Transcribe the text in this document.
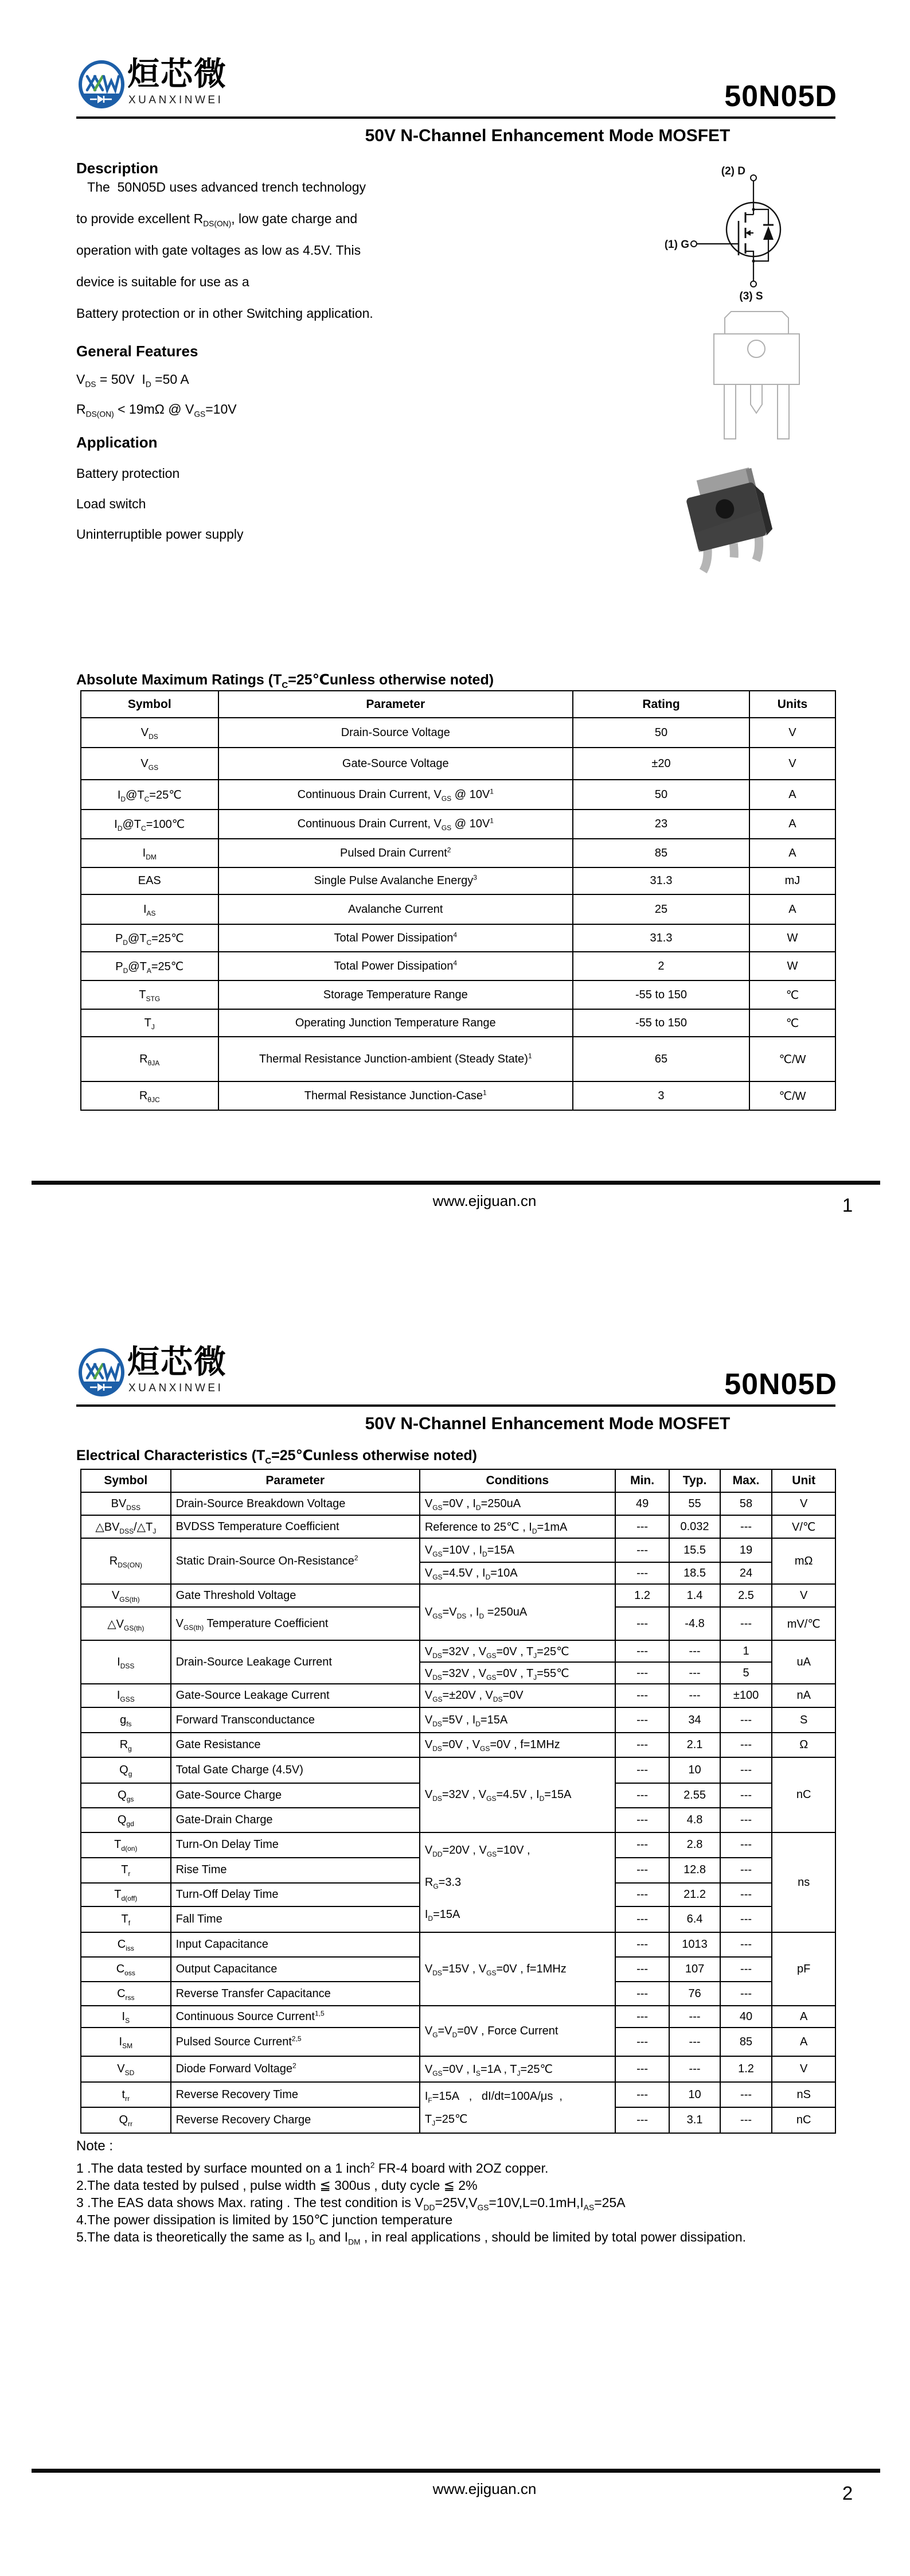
烜芯微
XUANXINWEI	50N05D
50V N-Channel Enhancement Mode MOSFET
Description
The  50N05D uses advanced trench technology
to provide excellent $R_{DS(ON)}$, low gate charge and
operation with gate voltages as low as 4.5V. This
device is suitable for use as a
Battery protection or in other Switching application.
General Features
$V_{DS} = 50V$  $I_D =50$ A
$R_{DS(ON)} < 19m\Omega$ @ $V_{GS}=10V$
Application
Battery protection
Load switch
Uninterruptible power supply
(2) D
(1) G
(3) S
Absolute Maximum Ratings ($T_C=25℃unless$ otherwise noted)
Symbol	Parameter	Rating	Units
$V_{DS}$	Drain-Source Voltage	50	V
$V_{GS}$	Gate-Source Voltage	±20	V
$I_D@T_C=25℃$	Continuous Drain Current, $V_{GS}$ @ $10V^1$	50	A
$I_D@T_C=100℃$	Continuous Drain Current, $V_{GS}$ @ $10V^1$	23	A
$I_{DM}$	Pulsed Drain Current$^2$	85	A
EAS	Single Pulse Avalanche Energy$^3$	31.3	mJ
$I_{AS}$	Avalanche Current	25	A
$P_D@T_C=25℃$	Total Power Dissipation$^4$	31.3	W
$P_D@T_A=25℃$	Total Power Dissipation$^4$	2	W
$T_{STG}$	Storage Temperature Range	-55 to 150	℃
$T_J$	Operating Junction Temperature Range	-55 to 150	℃
$R_{\theta JA}$	Thermal Resistance Junction-ambient (Steady State)$^1$	65	℃/W
$R_{\theta JC}$	Thermal Resistance Junction-Case$^1$	3	℃/W
www.ejiguan.cn	1
烜芯微
XUANXINWEI	50N05D
50V N-Channel Enhancement Mode MOSFET
Electrical Characteristics ($T_C=25℃unless$ otherwise noted)
Symbol	Parameter	Conditions	Min.	Typ.	Max.	Unit
$BV_{DSS}$	Drain-Source Breakdown Voltage	$V_{GS}=0V$ , $I_D=250uA$	49	55	58	V
$\triangle BV_{DSS}/\triangle T_J$	BVDSS Temperature Coefficient	Reference to 25℃ , $I_D=1mA$	---	0.032	---	V/℃
$R_{DS(ON)}$	Static Drain-Source On-Resistance$^2$	$V_{GS}=10V$ , $I_D=15A$	---	15.5	19	mΩ
		$V_{GS}=4.5V$ , $I_D=10A$	---	18.5	24	
$V_{GS(th)}$	Gate Threshold Voltage	$V_{GS}=V_{DS}$ , $I_D =250uA$	1.2	1.4	2.5	V
$\triangle V_{GS(th)}$	$V_{GS(th)}$ Temperature Coefficient		---	-4.8	---	mV/℃
$I_{DSS}$	Drain-Source Leakage Current	$V_{DS}=32V$ , $V_{GS}=0V$ , $T_J=25℃$	---	---	1	uA
		$V_{DS}=32V$ , $V_{GS}=0V$ , $T_J=55℃$	---	---	5	
$I_{GSS}$	Gate-Source Leakage Current	$V_{GS}=\pm 20V$ , $V_{DS}=0V$	---	---	±100	nA
$g_{fs}$	Forward Transconductance	$V_{DS}=5V$ , $I_D=15A$	---	34	---	S
$R_g$	Gate Resistance	$V_{DS}=0V$ , $V_{GS}=0V$ , f=1MHz	---	2.1	---	Ω
$Q_g$	Total Gate Charge (4.5V)	$V_{DS}=32V$ , $V_{GS}=4.5V$ , $I_D=15A$	---	10	---	nC
$Q_{gs}$	Gate-Source Charge		---	2.55	---	
$Q_{gd}$	Gate-Drain Charge		---	4.8	---	
$T_{d(on)}$	Turn-On Delay Time	$V_{DD}=20V$ , $V_{GS}=10V$ ,
$R_G=3.3$
$I_D=15A$	---	2.8	---	ns
$T_r$	Rise Time		---	12.8	---	
$T_{d(off)}$	Turn-Off Delay Time		---	21.2	---	
$T_f$	Fall Time		---	6.4	---	
$C_{iss}$	Input Capacitance	$V_{DS}=15V$ , $V_{GS}=0V$ , f=1MHz	---	1013	---	pF
$C_{oss}$	Output Capacitance		---	107	---	
$C_{rss}$	Reverse Transfer Capacitance		---	76	---	
$I_S$	Continuous Source Current$^{1,5}$	$V_G=V_D=0V$ , Force Current	---	---	40	A
$I_{SM}$	Pulsed Source Current$^{2,5}$		---	---	85	A
$V_{SD}$	Diode Forward Voltage$^2$	$V_{GS}=0V$ , $I_S=1A$ , $T_J=25℃$	---	---	1.2	V
$t_{rr}$	Reverse Recovery Time	$I_F=15A$   ,   dI/dt=100A/μs  ,
$T_J=25℃$	---	10	---	nS
$Q_{rr}$	Reverse Recovery Charge		---	3.1	---	nC
Note :
1 .The data tested by surface mounted on a 1 inch$^2$ FR-4 board with 2OZ copper.
2.The data tested by pulsed , pulse width ≦ 300us , duty cycle ≦ 2%
3 .The EAS data shows Max. rating . The test condition is $V_{DD}=25V,V_{GS}=10V,L=0.1mH,I_{AS}=25A$
4.The power dissipation is limited by 150℃ junction temperature
5.The data is theoretically the same as $I_D$ and $I_{DM}$ , in real applications , should be limited by total power dissipation.
www.ejiguan.cn	2
